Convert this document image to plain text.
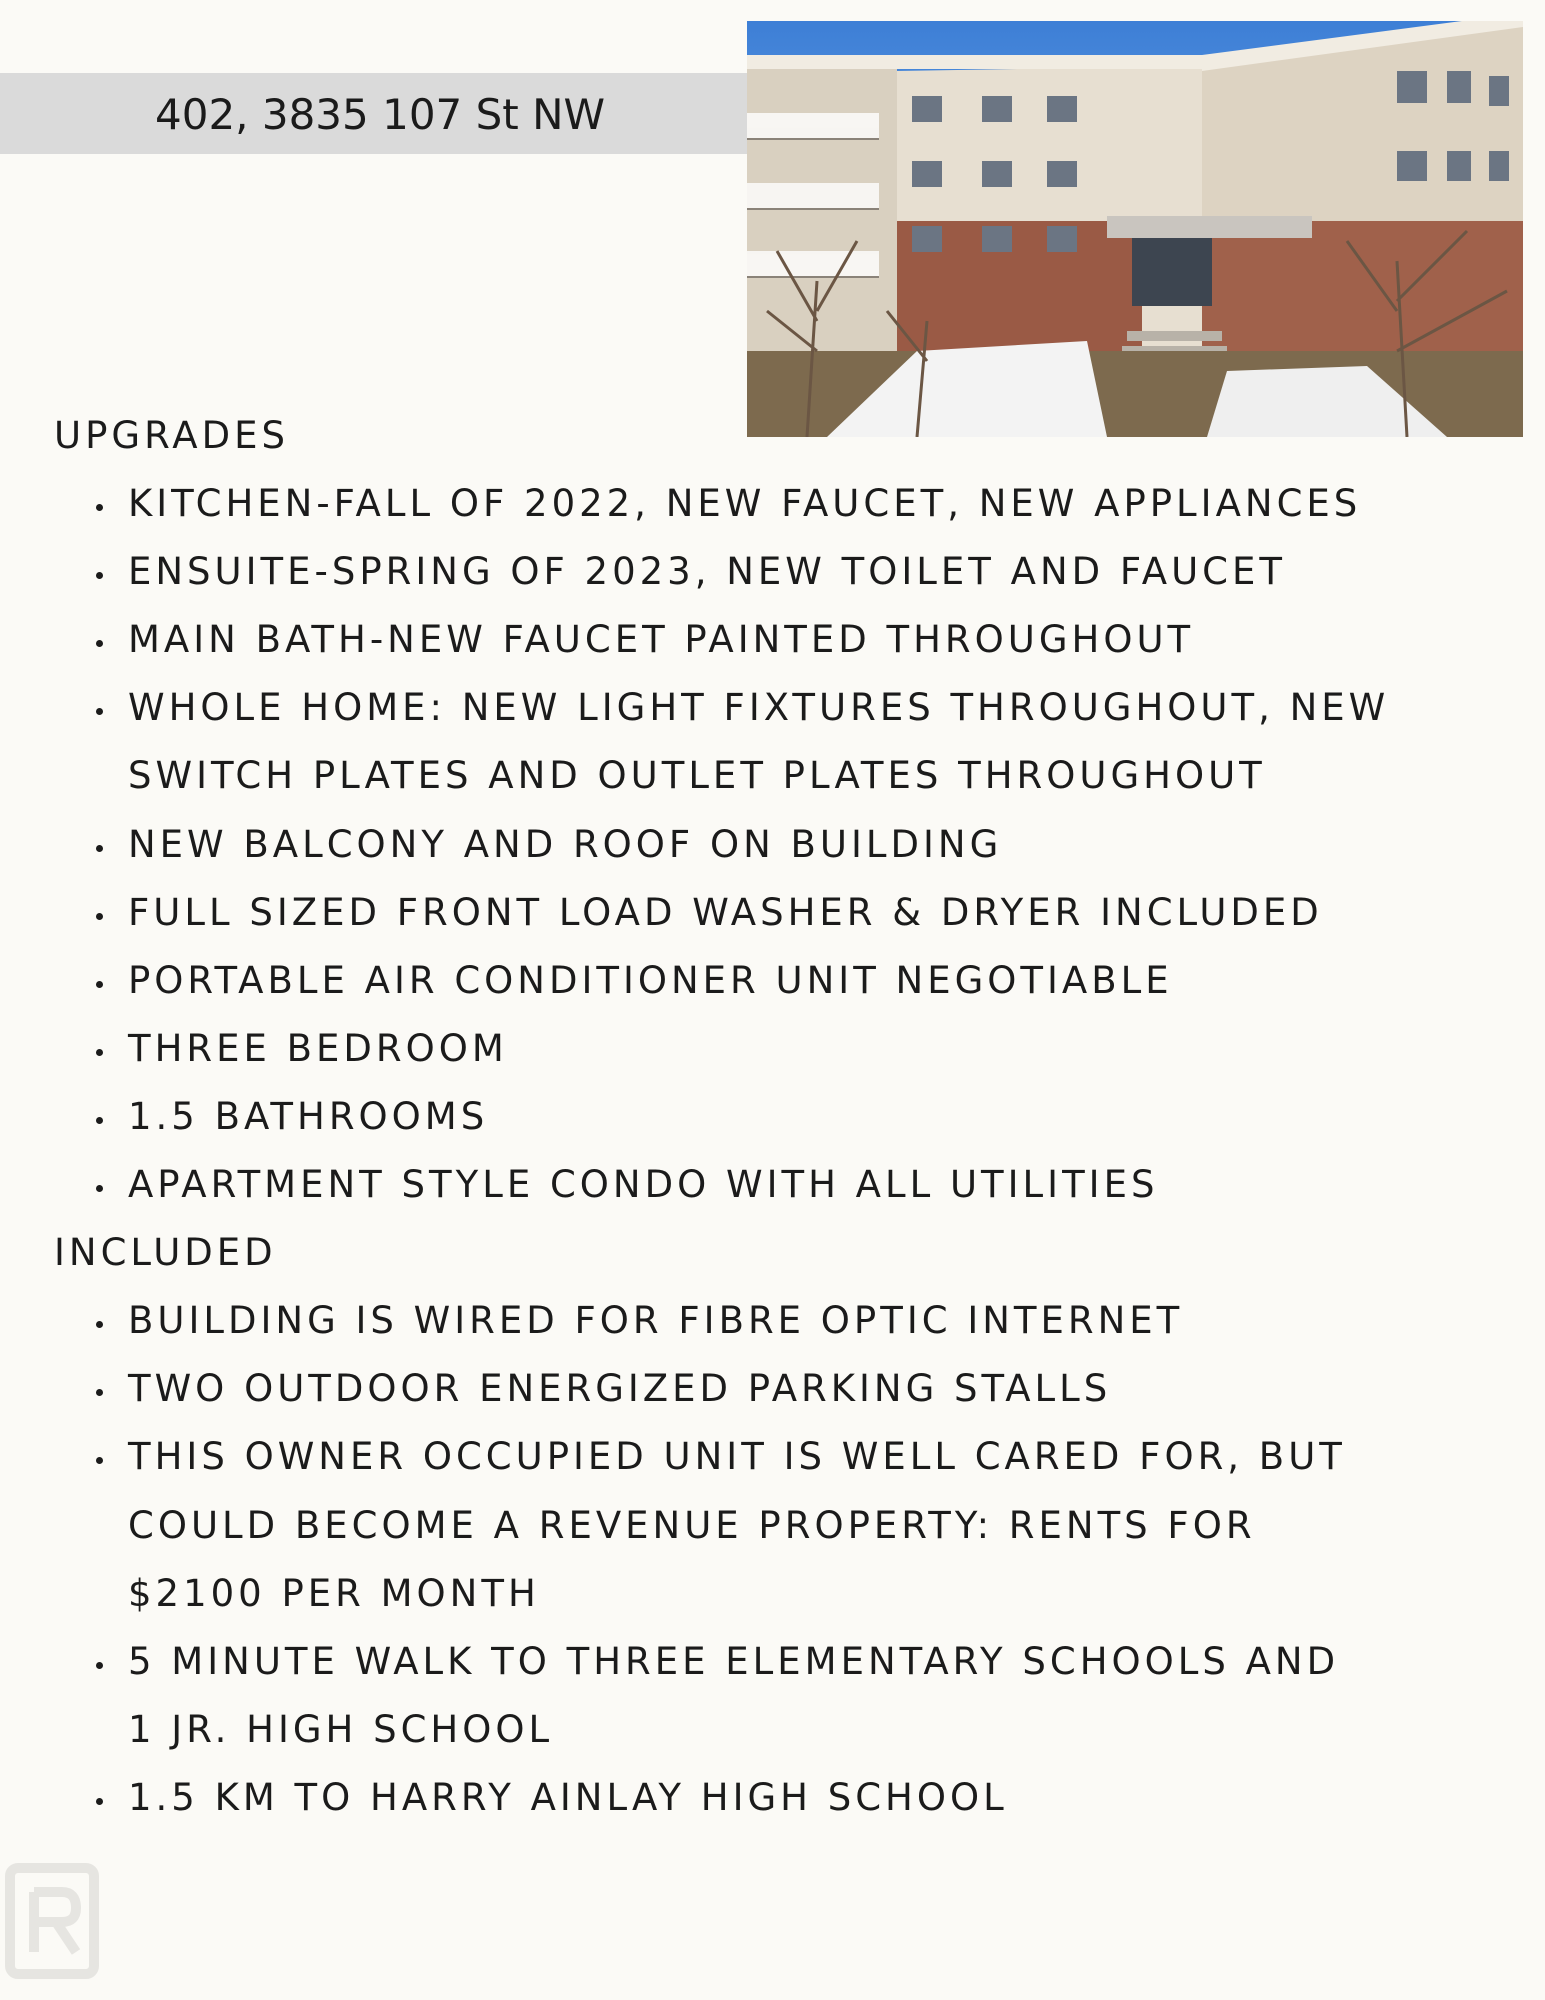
402, 3835 107 St NW
UPGRADES
INCLUDED
KITCHEN-FALL OF 2022, NEW FAUCET, NEW APPLIANCES
ENSUITE-SPRING OF 2023, NEW TOILET AND FAUCET
MAIN BATH-NEW FAUCET PAINTED THROUGHOUT
WHOLE HOME: NEW LIGHT FIXTURES THROUGHOUT, NEW
SWITCH PLATES AND OUTLET PLATES THROUGHOUT
NEW BALCONY AND ROOF ON BUILDING
FULL SIZED FRONT LOAD WASHER & DRYER INCLUDED
PORTABLE AIR CONDITIONER UNIT NEGOTIABLE
THREE BEDROOM
1.5 BATHROOMS
APARTMENT STYLE CONDO WITH ALL UTILITIES
BUILDING IS WIRED FOR FIBRE OPTIC INTERNET
TWO OUTDOOR ENERGIZED PARKING STALLS
THIS OWNER OCCUPIED UNIT IS WELL CARED FOR, BUT
COULD BECOME A REVENUE PROPERTY: RENTS FOR
$2100 PER MONTH
5 MINUTE WALK TO THREE ELEMENTARY SCHOOLS AND
1 JR. HIGH SCHOOL
1.5 KM TO HARRY AINLAY HIGH SCHOOL
